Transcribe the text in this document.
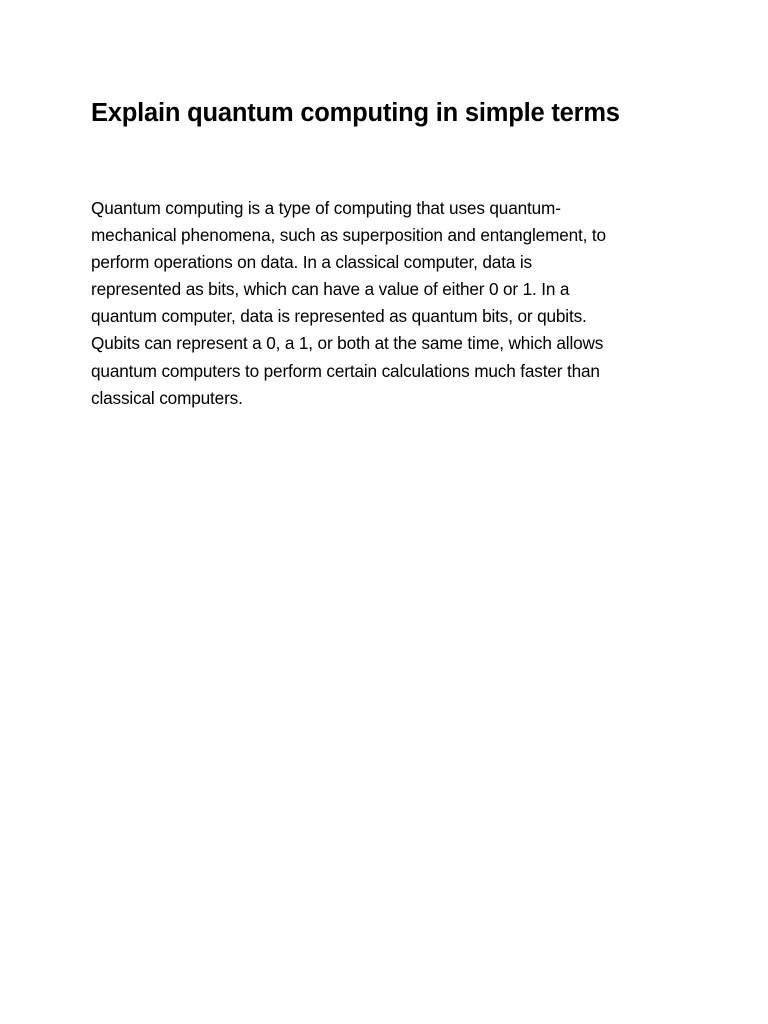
Explain quantum computing in simple terms

Quantum computing is a type of computing that uses quantum-
mechanical phenomena, such as superposition and entanglement, to
perform operations on data. In a classical computer, data is
represented as bits, which can have a value of either 0 or 1. In a
quantum computer, data is represented as quantum bits, or qubits.
Qubits can represent a 0, a 1, or both at the same time, which allows
quantum computers to perform certain calculations much faster than
classical computers.
